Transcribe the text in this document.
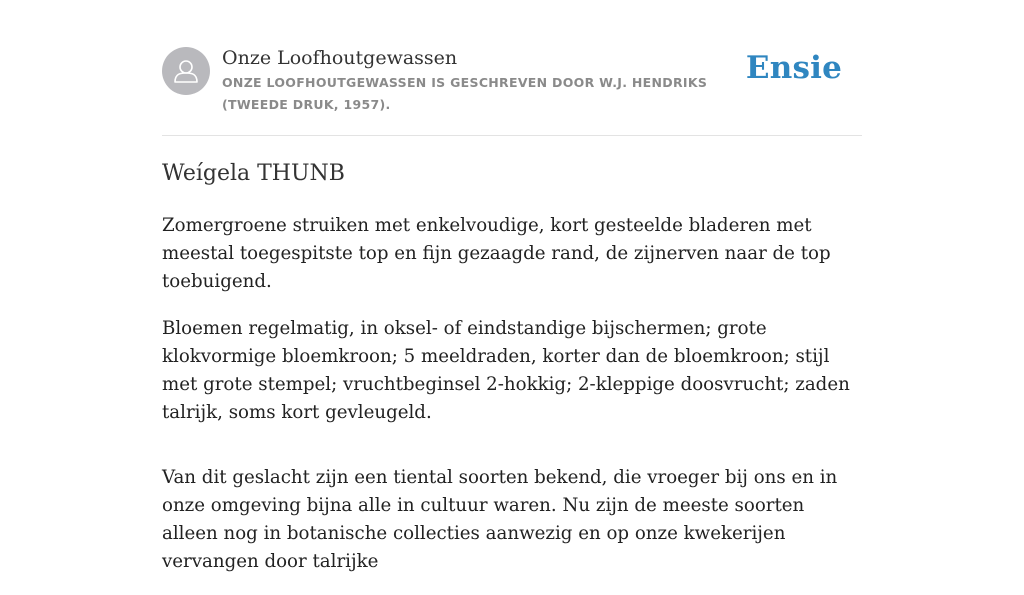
Onze Loofhoutgewassen
ONZE LOOFHOUTGEWASSEN IS GESCHREVEN DOOR W.J. HENDRIKS (TWEEDE DRUK, 1957).
Ensie
Weígela THUNB

Zomergroene struiken met enkelvoudige, kort gesteelde bladeren met meestal toegespitste top en fijn gezaagde rand, de zijnerven naar de top toebuigend.

Bloemen regelmatig, in oksel- of eindstandige bijschermen; grote klokvormige bloemkroon; 5 meeldraden, korter dan de bloemkroon; stijl met grote stempel; vruchtbeginsel 2-hokkig; 2-kleppige doosvrucht; zaden talrijk, soms kort gevleugeld.

Van dit geslacht zijn een tiental soorten bekend, die vroeger bij ons en in onze omgeving bijna alle in cultuur waren. Nu zijn de meeste soorten alleen nog in botanische collecties aanwezig en op onze kwekerijen vervangen door talrijke
